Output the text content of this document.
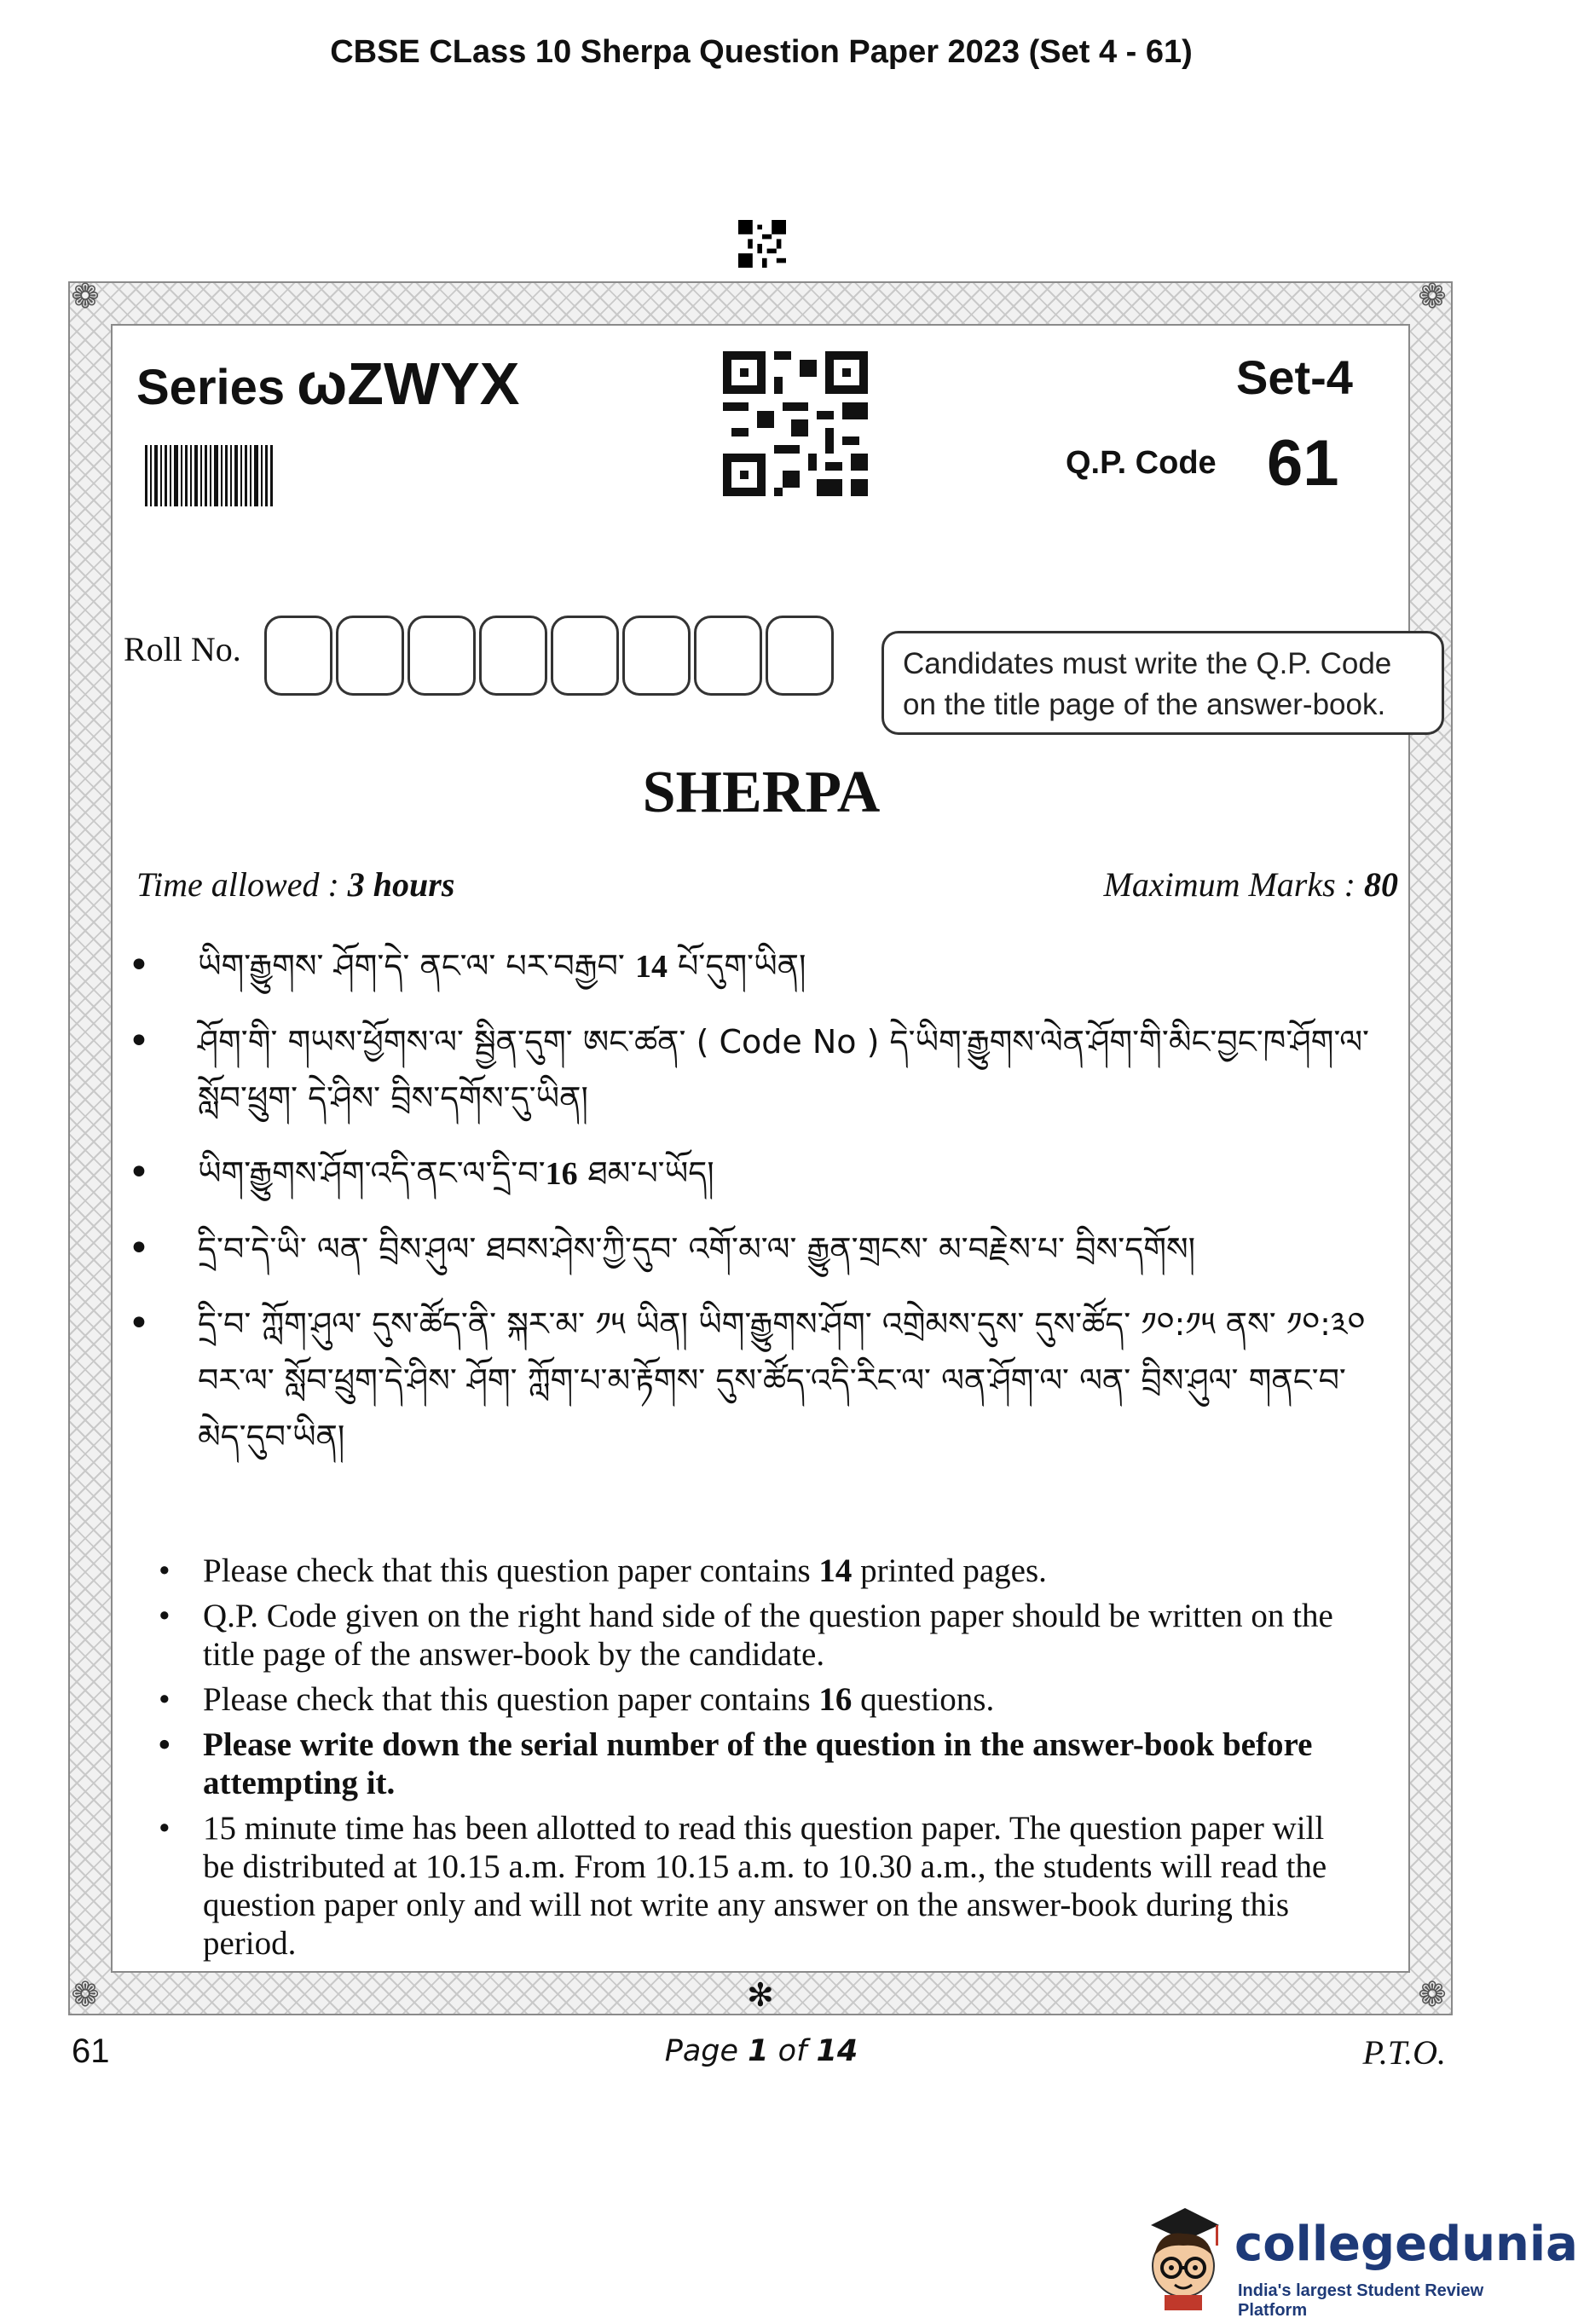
CBSE CLass 10 Sherpa Question Paper 2023 (Set 4 - 61)
❁	❁
❁	❁
Series ωZWYX	Set-4
Q.P. Code 61
Roll No.	Candidates must write the Q.P. Code on the title page of the answer-book.
SHERPA
Time allowed : 3 hours	Maximum Marks : 80
• ཡིག་རྒྱུགས་ ཤོག་དེ་ ནང་ལ་ པར་བརྒྱབ་ 14 པོ་དུག་ཡིན།
• ཤོག་གི་ གཡས་ཕྱོགས་ལ་ སྦྱིན་དུག་ ཨང་ཚན་ ( Code No ) དེ་ཡིག་རྒྱུགས་ལེན་ཤོག་གི་མིང་བྱང་ཁ་ཤོག་ལ་ སློབ་ཕྲུག་ དེ་ཤིས་ བྲིས་དགོས་དུ་ཡིན།
• ཡིག་རྒྱུགས་ཤོག་འདི་ནང་ལ་དྲི་བ་16 ཐམ་པ་ཡོད།
• དྲི་བ་དེ་ཡི་ ལན་ བྲིས་ཤུལ་ ཐབས་ཤེས་ཀྱི་དུབ་ འགོ་མ་ལ་ རྒྱུན་གྲངས་ མ་བརྗེས་པ་ བྲིས་དགོས།
• དྲི་བ་ ཀློག་ཤུལ་ དུས་ཚོད་ནི་ སྐར་མ་ ༡༥ ཡིན། ཡིག་རྒྱུགས་ཤོག་ འགྲེམས་དུས་ དུས་ཚོད་ ༡༠:༡༥ ནས་ ༡༠:༣༠ བར་ལ་ སློབ་ཕྲུག་དེ་ཤིས་ ཤོག་ ཀློག་པ་མ་རྟོགས་ དུས་ཚོད་འདི་རིང་ལ་ ལན་ཤོག་ལ་ ལན་ བྲིས་ཤུལ་ གནང་བ་ མེད་དུབ་ཡིན།
• Please check that this question paper contains 14 printed pages.
• Q.P. Code given on the right hand side of the question paper should be written on the title page of the answer-book by the candidate.
• Please check that this question paper contains 16 questions.
• Please write down the serial number of the question in the answer-book before attempting it.
• 15 minute time has been allotted to read this question paper. The question paper will be distributed at 10.15 a.m. From 10.15 a.m. to 10.30 a.m., the students will read the question paper only and will not write any answer on the answer-book during this period.
✻
61	Page 1 of 14	P.T.O.
collegedunia
India's largest Student Review Platform
